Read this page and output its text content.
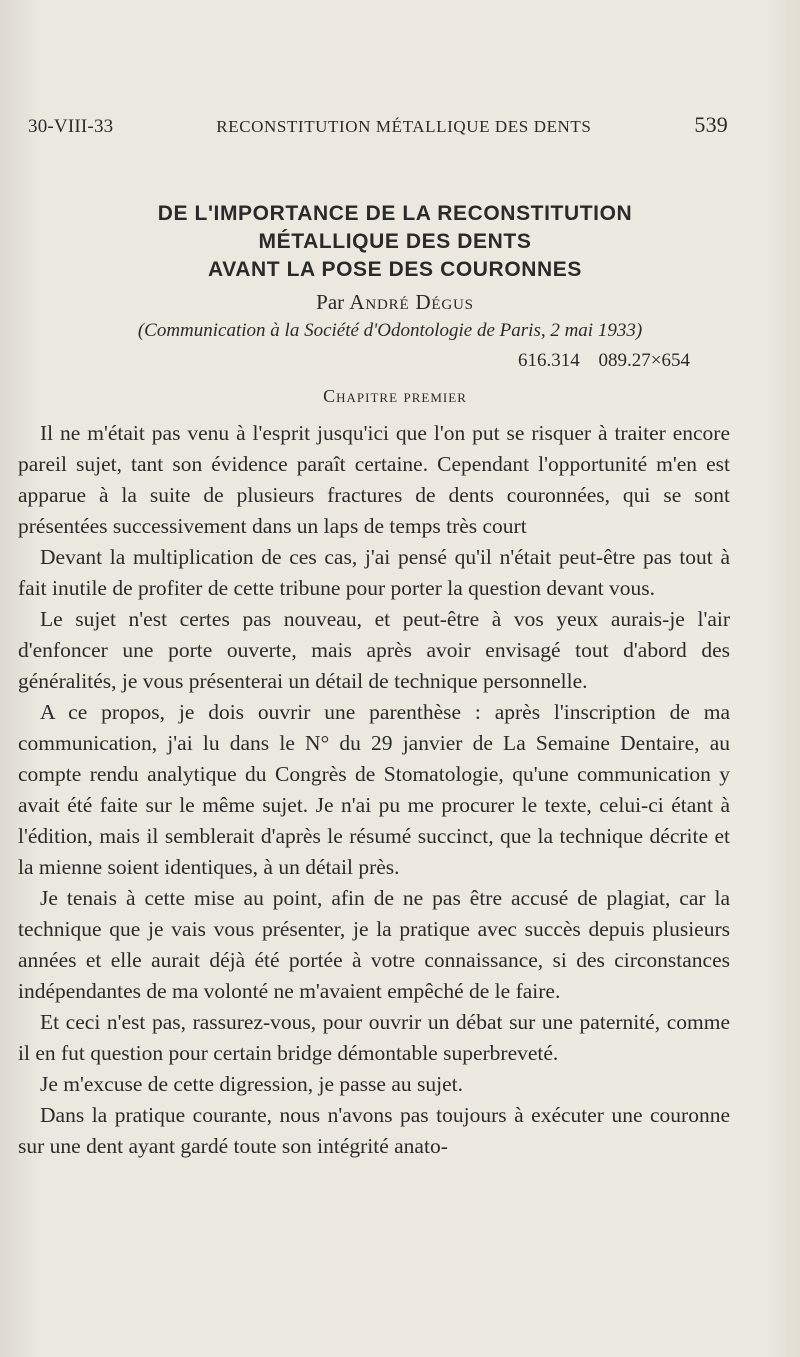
30-VIII-33	RECONSTITUTION MÉTALLIQUE DES DENTS	539
DE L'IMPORTANCE DE LA RECONSTITUTION
MÉTALLIQUE DES DENTS
AVANT LA POSE DES COURONNES
Par André Dégus
(Communication à la Société d'Odontologie de Paris, 2 mai 1933)
616.314 089.27×654
Chapitre premier

Il ne m'était pas venu à l'esprit jusqu'ici que l'on put se risquer à traiter encore pareil sujet, tant son évidence paraît certaine. Cependant l'opportunité m'en est apparue à la suite de plusieurs fractures de dents couronnées, qui se sont présentées successivement dans un laps de temps très court

Devant la multiplication de ces cas, j'ai pensé qu'il n'était peut-être pas tout à fait inutile de profiter de cette tribune pour porter la question devant vous.

Le sujet n'est certes pas nouveau, et peut-être à vos yeux aurais-je l'air d'enfoncer une porte ouverte, mais après avoir envisagé tout d'abord des généralités, je vous présenterai un détail de technique personnelle.

A ce propos, je dois ouvrir une parenthèse : après l'inscription de ma communication, j'ai lu dans le N° du 29 janvier de La Semaine Dentaire, au compte rendu analytique du Congrès de Stomatologie, qu'une communication y avait été faite sur le même sujet. Je n'ai pu me procurer le texte, celui-ci étant à l'édition, mais il semblerait d'après le résumé succinct, que la technique décrite et la mienne soient identiques, à un détail près.

Je tenais à cette mise au point, afin de ne pas être accusé de plagiat, car la technique que je vais vous présenter, je la pratique avec succès depuis plusieurs années et elle aurait déjà été portée à votre connaissance, si des circonstances indépendantes de ma volonté ne m'avaient empêché de le faire.

Et ceci n'est pas, rassurez-vous, pour ouvrir un débat sur une paternité, comme il en fut question pour certain bridge démontable superbreveté.

Je m'excuse de cette digression, je passe au sujet.

Dans la pratique courante, nous n'avons pas toujours à exécuter une couronne sur une dent ayant gardé toute son intégrité anato-
